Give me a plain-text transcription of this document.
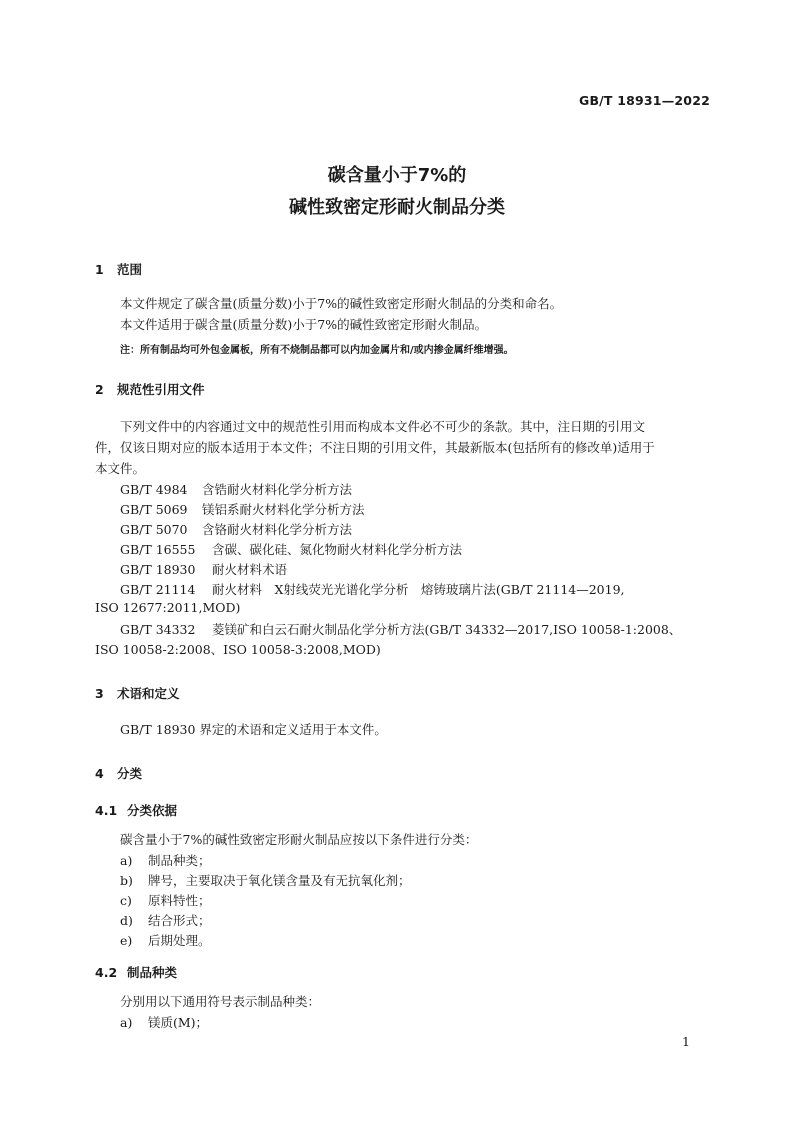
GB/T 18931—2022
碳含量小于7%的
碱性致密定形耐火制品分类
1 范围
本文件规定了碳含量(质量分数)小于7%的碱性致密定形耐火制品的分类和命名。
本文件适用于碳含量(质量分数)小于7%的碱性致密定形耐火制品。
注：所有制品均可外包金属板，所有不烧制品都可以内加金属片和/或内掺金属纤维增强。
2 规范性引用文件
下列文件中的内容通过文中的规范性引用而构成本文件必不可少的条款。其中，注日期的引用文
件，仅该日期对应的版本适用于本文件；不注日期的引用文件，其最新版本(包括所有的修改单)适用于
本文件。
GB/T 4984 含锆耐火材料化学分析方法
GB/T 5069 镁铝系耐火材料化学分析方法
GB/T 5070 含铬耐火材料化学分析方法
GB/T 16555 含碳、碳化硅、氮化物耐火材料化学分析方法
GB/T 18930 耐火材料术语
GB/T 21114 耐火材料　X射线荧光光谱化学分析　熔铸玻璃片法(GB/T 21114—2019,
ISO 12677:2011,MOD)
GB/T 34332 菱镁矿和白云石耐火制品化学分析方法(GB/T 34332—2017,ISO 10058-1:2008、
ISO 10058-2:2008、ISO 10058-3:2008,MOD)
3 术语和定义
GB/T 18930 界定的术语和定义适用于本文件。
4 分类
4.1 分类依据
碳含量小于7%的碱性致密定形耐火制品应按以下条件进行分类：
a) 制品种类；
b) 牌号，主要取决于氧化镁含量及有无抗氧化剂；
c) 原料特性；
d) 结合形式；
e) 后期处理。
4.2 制品种类
分别用以下通用符号表示制品种类：
a) 镁质(M)；
1
